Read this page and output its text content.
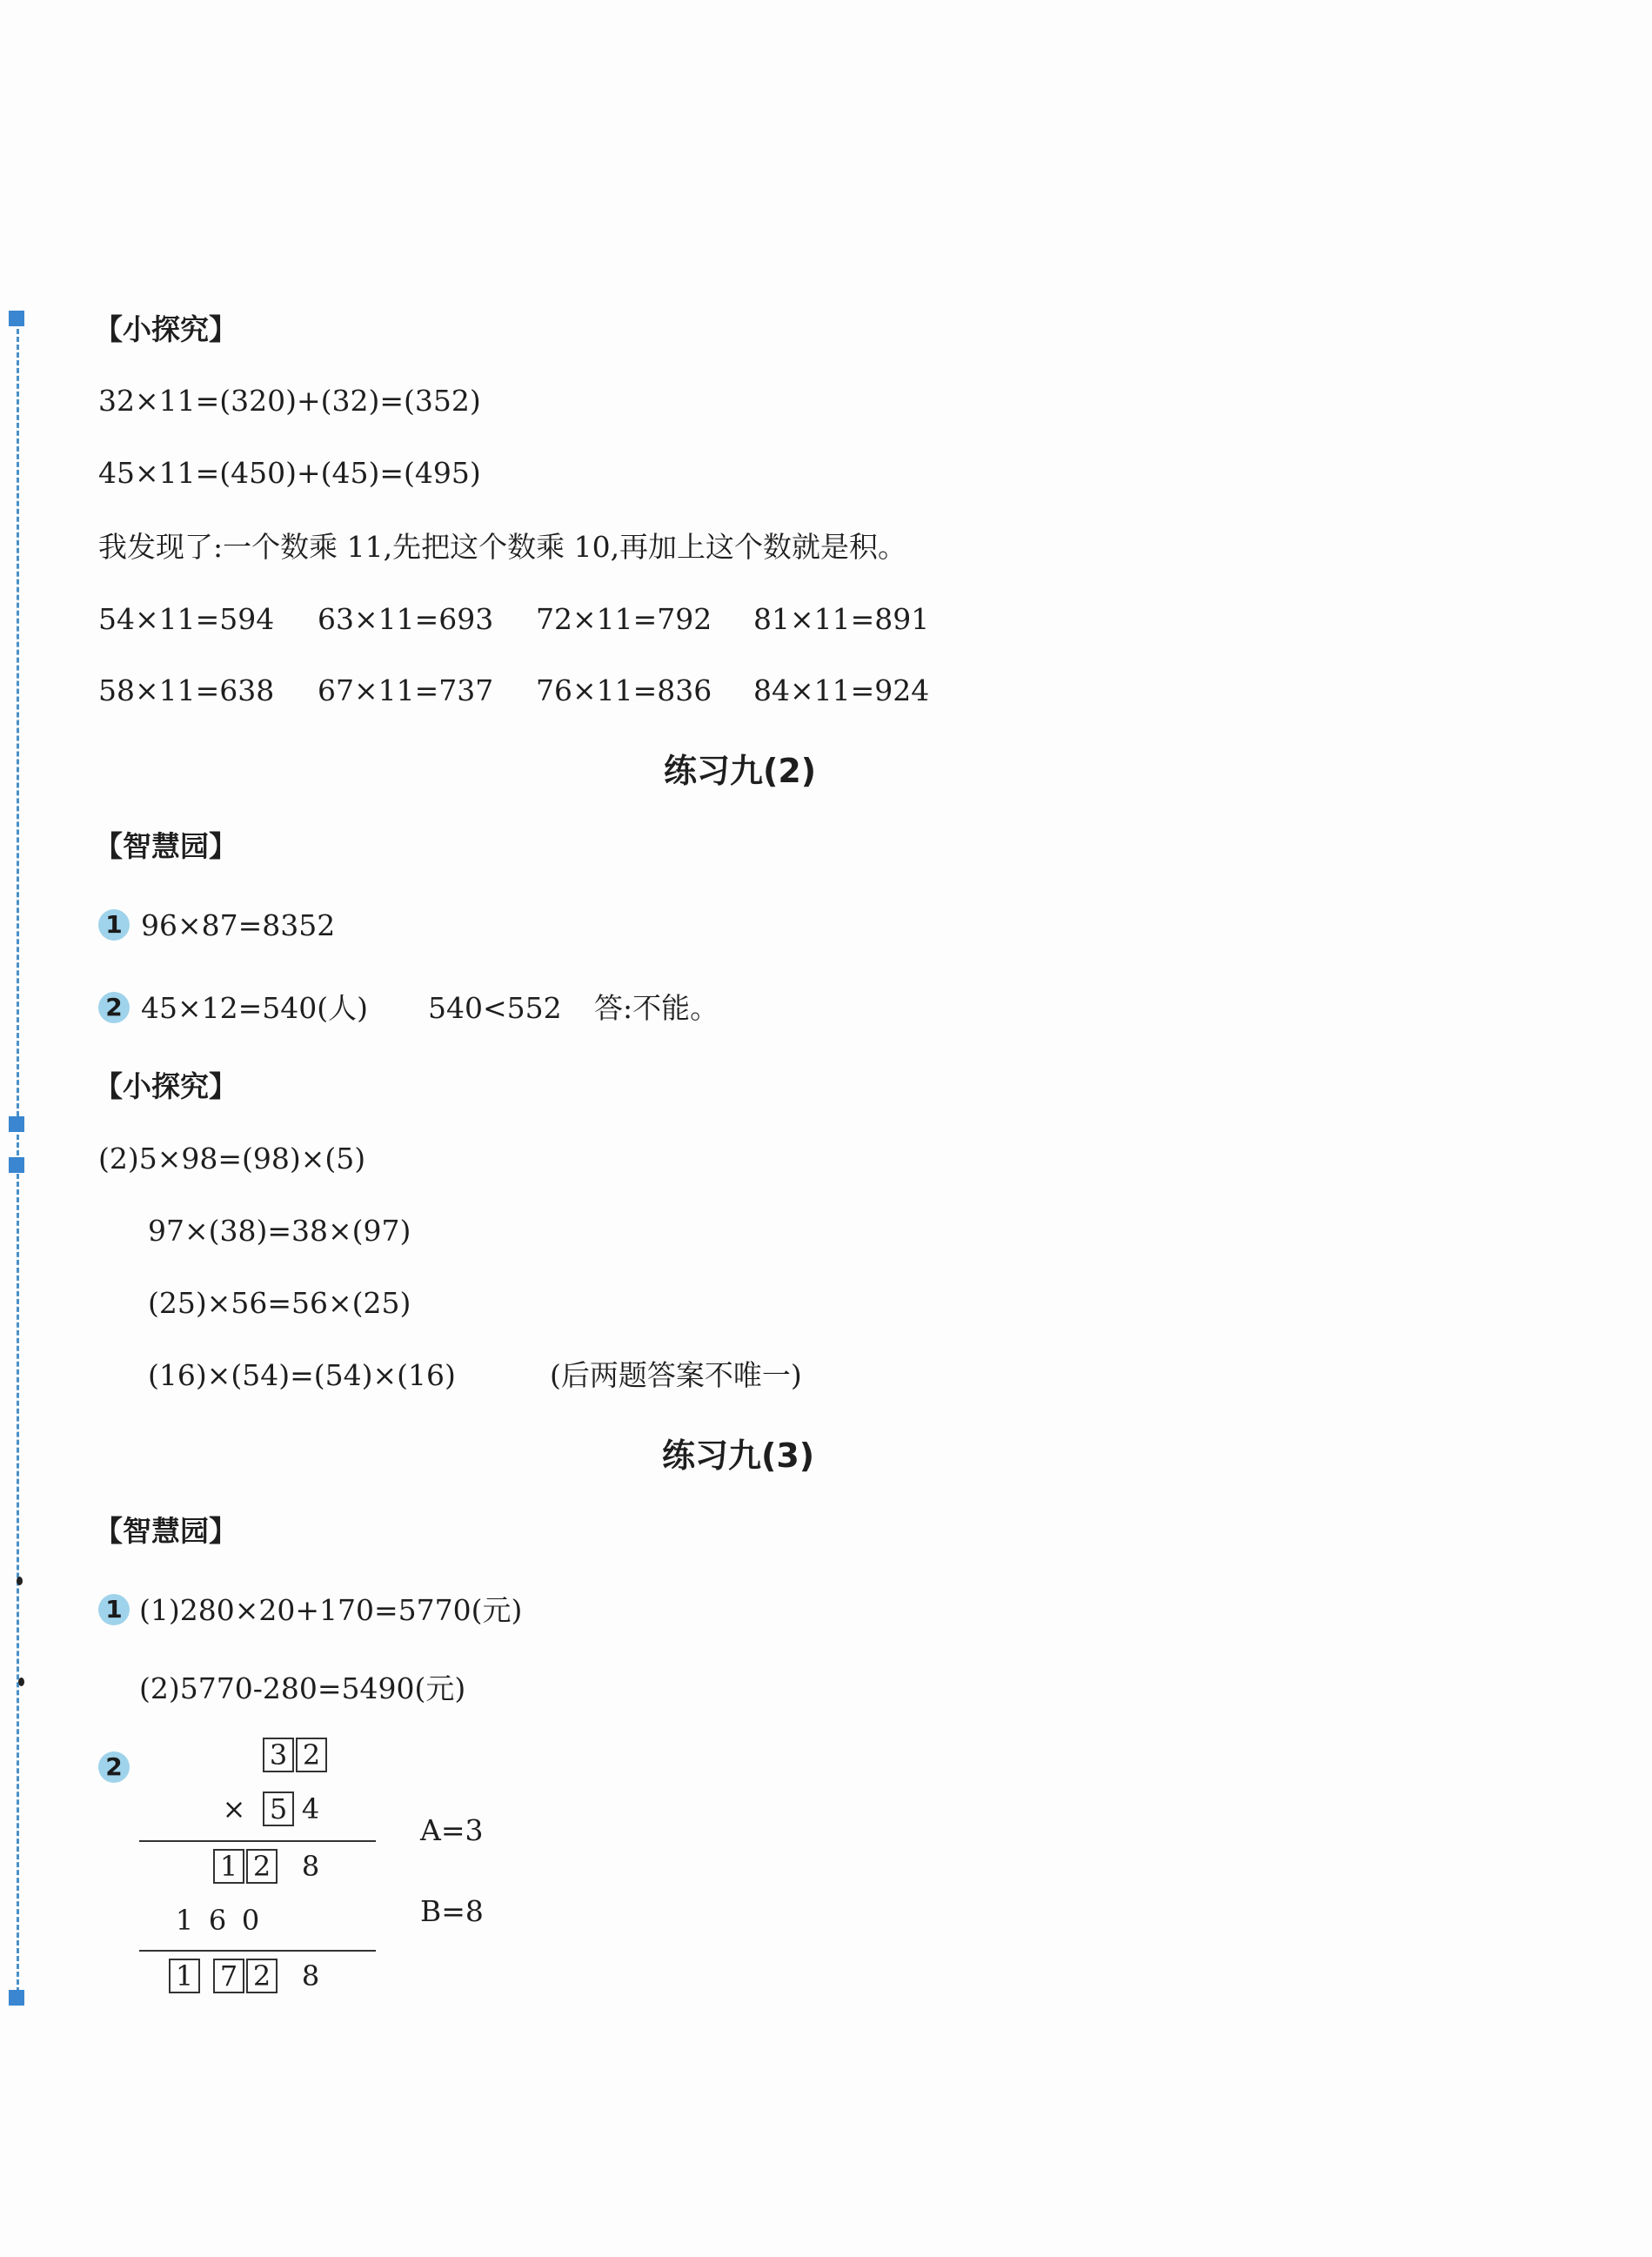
【小探究】
32×11=(320)+(32)=(352)
45×11=(450)+(45)=(495)
我发现了:一个数乘 11,先把这个数乘 10,再加上这个数就是积。
54×11=594 63×11=693 72×11=792 81×11=891
58×11=638 67×11=737 76×11=836 84×11=924
练习九(2)
【智慧园】
1 96×87=8352
2 45×12=540(人) 540<552 答:不能。
【小探究】
(2)5×98=(98)×(5)
97×(38)=38×(97)
(25)×56=56×(25)
(16)×(54)=(54)×(16)	(后两题答案不唯一)
练习九(3)
【智慧园】
1 (1)280×20+170=5770(元)
(2)5770-280=5490(元)
2	3 2
× 5 4
1 2 8
1 6 0
1 7 2 8
A=3
B=8
